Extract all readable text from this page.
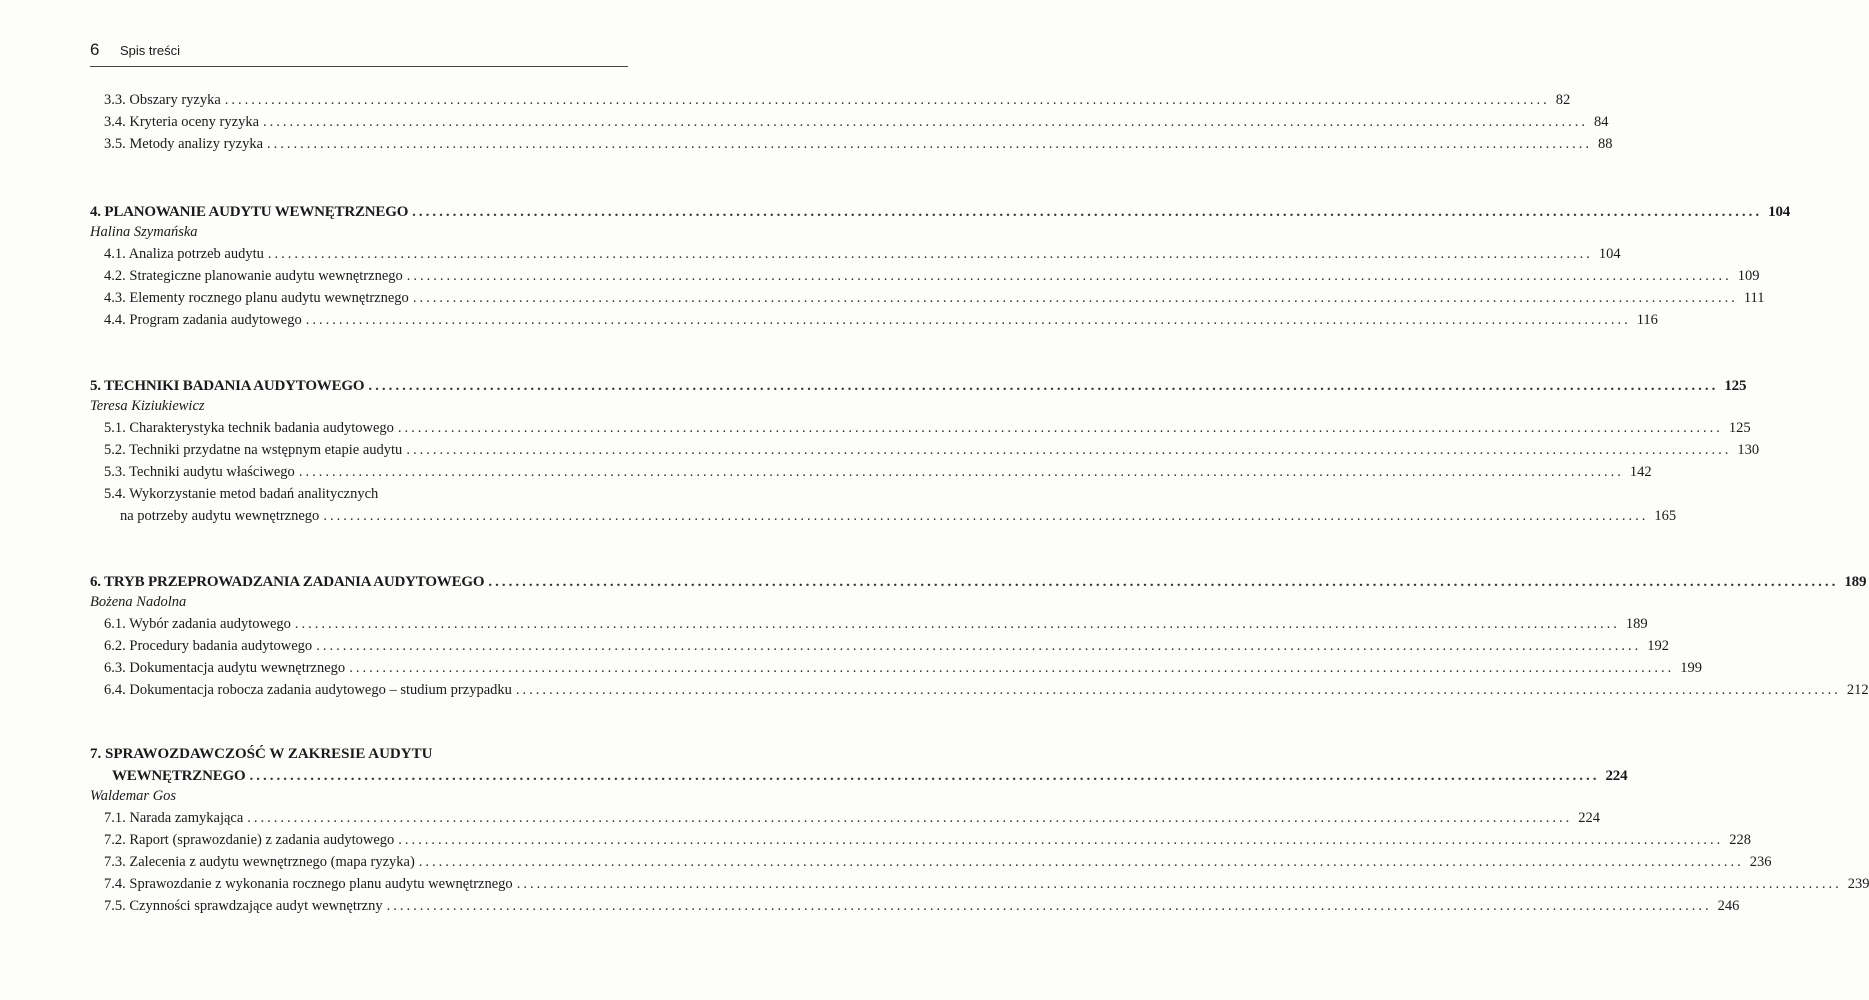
6 Spis treści
3.3. Obszary ryzyka ........................................................................................................................................................................................................ 82
3.4. Kryteria oceny ryzyka ........................................................................................................................................................................................................ 84
3.5. Metody analizy ryzyka ........................................................................................................................................................................................................ 88
4. PLANOWANIE AUDYTU WEWNĘTRZNEGO ........................................................................................................................................................................................................ 104
Halina Szymańska
4.1. Analiza potrzeb audytu ........................................................................................................................................................................................................ 104
4.2. Strategiczne planowanie audytu wewnętrznego ........................................................................................................................................................................................................ 109
4.3. Elementy rocznego planu audytu wewnętrznego ........................................................................................................................................................................................................ 111
4.4. Program zadania audytowego ........................................................................................................................................................................................................ 116
5. TECHNIKI BADANIA AUDYTOWEGO ........................................................................................................................................................................................................ 125
Teresa Kiziukiewicz
5.1. Charakterystyka technik badania audytowego ........................................................................................................................................................................................................ 125
5.2. Techniki przydatne na wstępnym etapie audytu ........................................................................................................................................................................................................ 130
5.3. Techniki audytu właściwego ........................................................................................................................................................................................................ 142
5.4. Wykorzystanie metod badań analitycznych
na potrzeby audytu wewnętrznego ........................................................................................................................................................................................................ 165
6. TRYB PRZEPROWADZANIA ZADANIA AUDYTOWEGO ........................................................................................................................................................................................................ 189
Bożena Nadolna
6.1. Wybór zadania audytowego ........................................................................................................................................................................................................ 189
6.2. Procedury badania audytowego ........................................................................................................................................................................................................ 192
6.3. Dokumentacja audytu wewnętrznego ........................................................................................................................................................................................................ 199
6.4. Dokumentacja robocza zadania audytowego – studium przypadku ........................................................................................................................................................................................................ 212
7. SPRAWOZDAWCZOŚĆ W ZAKRESIE AUDYTU
WEWNĘTRZNEGO ........................................................................................................................................................................................................ 224
Waldemar Gos
7.1. Narada zamykająca ........................................................................................................................................................................................................ 224
7.2. Raport (sprawozdanie) z zadania audytowego ........................................................................................................................................................................................................ 228
7.3. Zalecenia z audytu wewnętrznego (mapa ryzyka) ........................................................................................................................................................................................................ 236
7.4. Sprawozdanie z wykonania rocznego planu audytu wewnętrznego ........................................................................................................................................................................................................ 239
7.5. Czynności sprawdzające audyt wewnętrzny ........................................................................................................................................................................................................ 246
